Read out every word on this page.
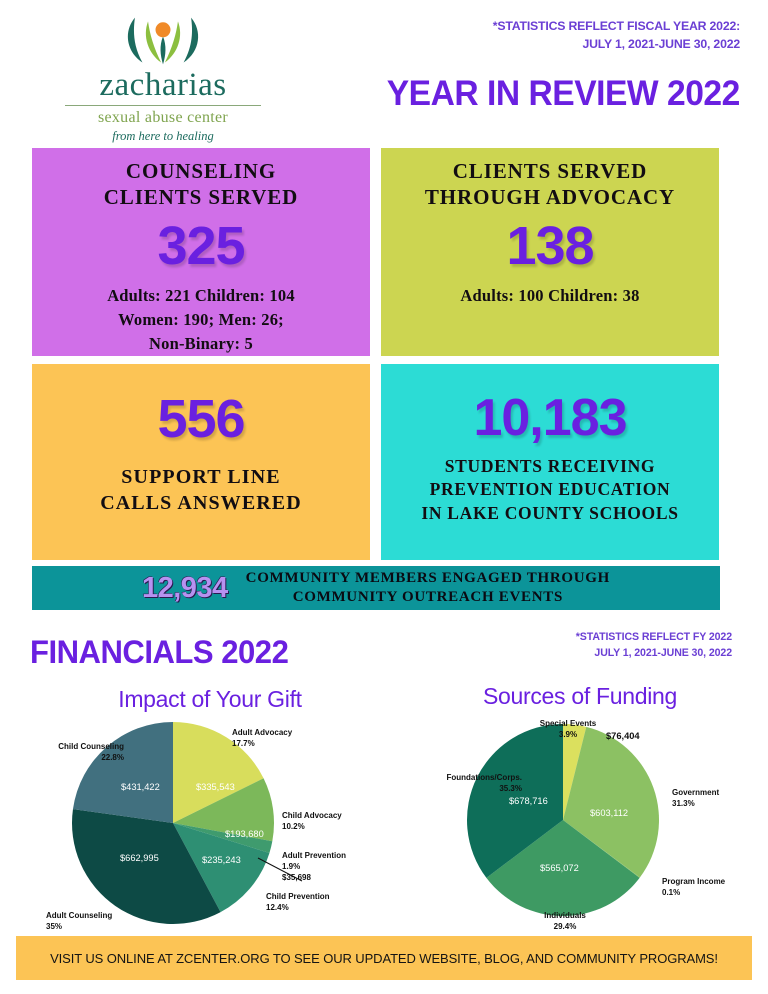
zacharias
sexual abuse center
from here to healing
*STATISTICS REFLECT FISCAL YEAR 2022:
JULY 1, 2021-JUNE 30, 2022
YEAR IN REVIEW 2022
COUNSELING
CLIENTS SERVED
325
Adults: 221 Children: 104
Women: 190; Men: 26;
Non-Binary: 5
CLIENTS SERVED
THROUGH ADVOCACY
138
Adults: 100 Children: 38
556
SUPPORT LINE
CALLS ANSWERED
10,183
STUDENTS RECEIVING
PREVENTION EDUCATION
IN LAKE COUNTY SCHOOLS
12,934 COMMUNITY MEMBERS ENGAGED THROUGH
COMMUNITY OUTREACH EVENTS
FINANCIALS 2022	*STATISTICS REFLECT FY 2022
JULY 1, 2021-JUNE 30, 2022
Impact of Your Gift	Sources of Funding
Child Counseling
22.8%
Adult Advocacy
17.7%
Child Advocacy
10.2%
Adult Prevention
1.9%
$35,698
Child Prevention
12.4%
Adult Counseling
35%
$431,422	$335,543
$193,680
$235,243
$662,995
Special Events
3.9%
Foundations/Corps.
35.3%	Government
31.3%
Program Income
0.1%
Individuals
29.4%
$76,404
$678,716
$603,112
$565,072
VISIT US ONLINE AT ZCENTER.ORG TO SEE OUR UPDATED WEBSITE, BLOG, AND COMMUNITY PROGRAMS!
